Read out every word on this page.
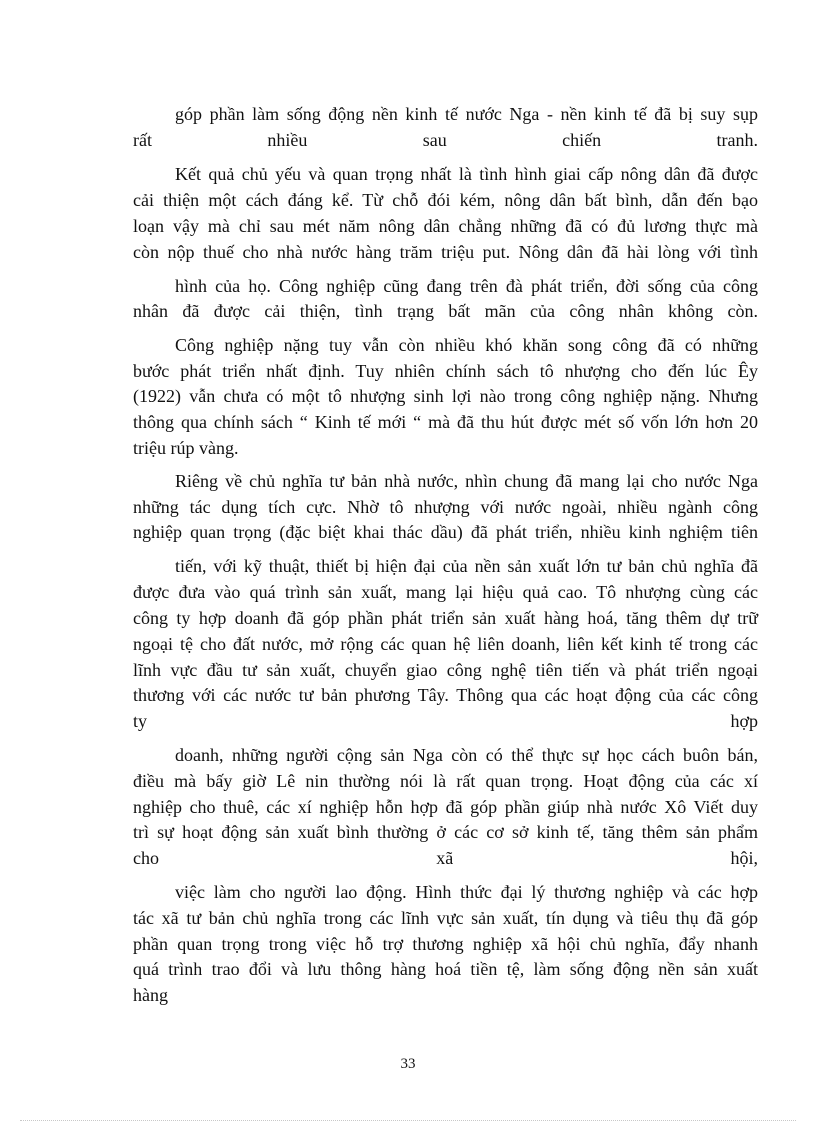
góp phần làm sống động nền kinh tế nước Nga - nền kinh tế đã bị suy sụp
rất nhiều sau chiến tranh.
Kết quả chủ yếu và quan trọng nhất là tình hình giai cấp nông dân đã được
cải thiện một cách đáng kể. Từ chỗ đói kém, nông dân bất bình, dẫn đến bạo
loạn vậy mà chỉ sau mét năm nông dân chẳng những đã có đủ lương thực mà
còn nộp thuế cho nhà nước hàng trăm triệu put. Nông dân đã hài lòng với tình
hình của họ. Công nghiệp cũng đang trên đà phát triển, đời sống của công
nhân đã được cải thiện, tình trạng bất mãn của công nhân không còn.
Công nghiệp nặng tuy vẫn còn nhiều khó khăn song công đã có những
bước phát triển nhất định. Tuy nhiên chính sách tô nhượng cho đến lúc Êy
(1922) vẫn chưa có một tô nhượng sinh lợi nào trong công nghiệp nặng. Nhưng
thông qua chính sách “ Kinh tế mới “ mà đã thu hút được mét số vốn lớn hơn 20
triệu rúp vàng.
Riêng về chủ nghĩa tư bản nhà nước, nhìn chung đã mang lại cho nước Nga
những tác dụng tích cực. Nhờ tô nhượng với nước ngoài, nhiều ngành công
nghiệp quan trọng (đặc biệt khai thác dầu) đã phát triển, nhiều kinh nghiệm tiên
tiến, với kỹ thuật, thiết bị hiện đại của nền sản xuất lớn tư bản chủ nghĩa đã
được đưa vào quá trình sản xuất, mang lại hiệu quả cao. Tô nhượng cùng các
công ty hợp doanh đã góp phần phát triển sản xuất hàng hoá, tăng thêm dự trữ
ngoại tệ cho đất nước, mở rộng các quan hệ liên doanh, liên kết kinh tế trong các
lĩnh vực đầu tư sản xuất, chuyển giao công nghệ tiên tiến và phát triển ngoại
thương với các nước tư bản phương Tây. Thông qua các hoạt động của các công
ty hợp
doanh, những người cộng sản Nga còn có thể thực sự học cách buôn bán,
điều mà bấy giờ Lê nin thường nói là rất quan trọng. Hoạt động của các xí
nghiệp cho thuê, các xí nghiệp hỗn hợp đã góp phần giúp nhà nước Xô Viết duy
trì sự hoạt động sản xuất bình thường ở các cơ sở kinh tế, tăng thêm sản phẩm
cho xã hội,
việc làm cho người lao động. Hình thức đại lý thương nghiệp và các hợp
tác xã tư bản chủ nghĩa trong các lĩnh vực sản xuất, tín dụng và tiêu thụ đã góp
phần quan trọng trong việc hỗ trợ thương nghiệp xã hội chủ nghĩa, đẩy nhanh
quá trình trao đổi và lưu thông hàng hoá tiền tệ, làm sống động nền sản xuất
hàng
33
